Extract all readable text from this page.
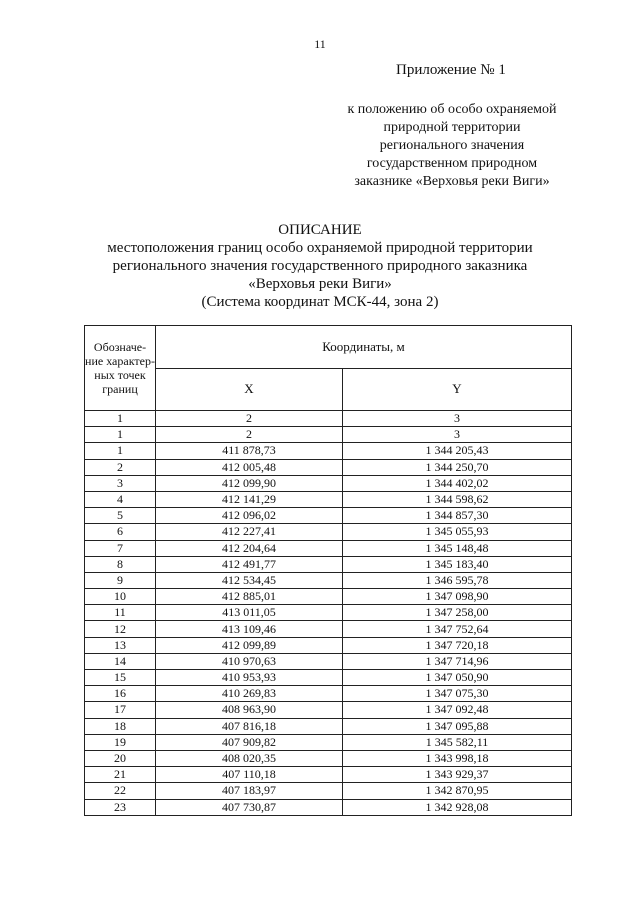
11
Приложение № 1
к положению об особо охраняемой
природной территории
регионального значения
государственном природном
заказнике «Верховья реки Виги»
ОПИСАНИЕ
местоположения границ особо охраняемой природной территории
регионального значения государственного природного заказника
«Верховья реки Виги»
(Система координат МСК-44, зона 2)
Обозначе-ние характер-ных точек границ	Координаты, м	
	X	Y
1	2	3
1	2	3
1	411 878,73	1 344 205,43
2	412 005,48	1 344 250,70
3	412 099,90	1 344 402,02
4	412 141,29	1 344 598,62
5	412 096,02	1 344 857,30
6	412 227,41	1 345 055,93
7	412 204,64	1 345 148,48
8	412 491,77	1 345 183,40
9	412 534,45	1 346 595,78
10	412 885,01	1 347 098,90
11	413 011,05	1 347 258,00
12	413 109,46	1 347 752,64
13	412 099,89	1 347 720,18
14	410 970,63	1 347 714,96
15	410 953,93	1 347 050,90
16	410 269,83	1 347 075,30
17	408 963,90	1 347 092,48
18	407 816,18	1 347 095,88
19	407 909,82	1 345 582,11
20	408 020,35	1 343 998,18
21	407 110,18	1 343 929,37
22	407 183,97	1 342 870,95
23	407 730,87	1 342 928,08
